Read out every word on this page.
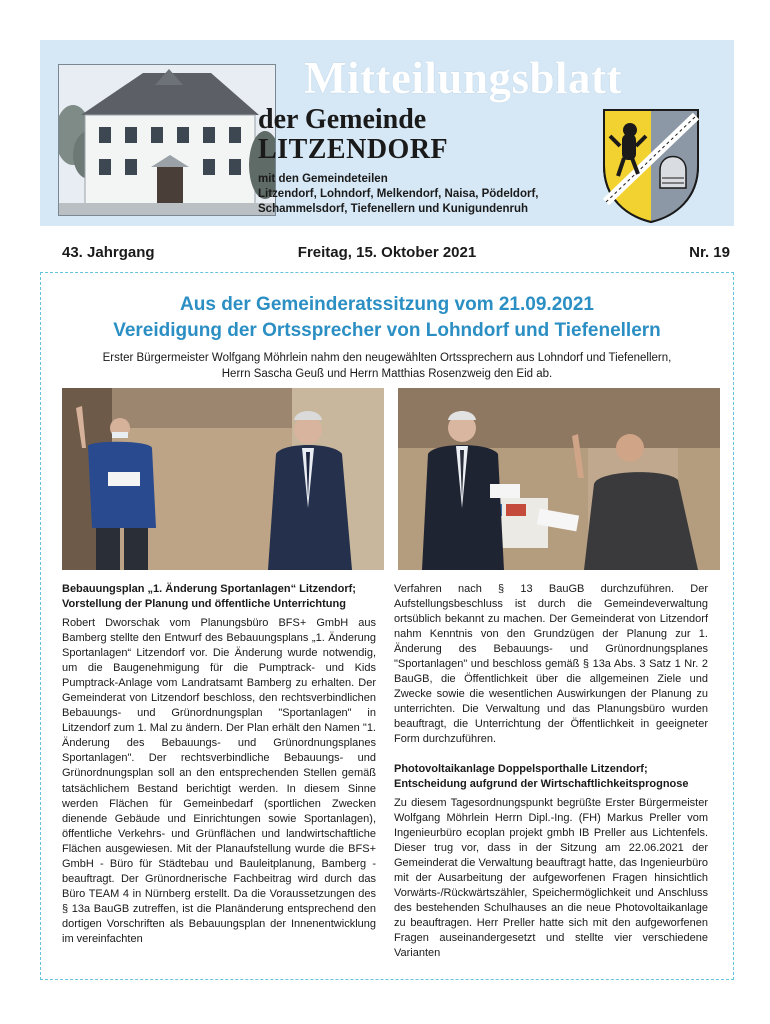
Mitteilungsblatt
der Gemeinde
LITZENDORF
mit den Gemeindeteilen
Litzendorf, Lohndorf, Melkendorf, Naisa, Pödeldorf, Schammelsdorf, Tiefenellern und Kunigundenruh
43. Jahrgang	Freitag, 15. Oktober 2021	Nr. 19
Aus der Gemeinderatssitzung vom 21.09.2021
Vereidigung der Ortssprecher von Lohndorf und Tiefenellern
Erster Bürgermeister Wolfgang Möhrlein nahm den neugewählten Ortssprechern aus Lohndorf und Tiefenellern, Herrn Sascha Geuß und Herrn Matthias Rosenzweig den Eid ab.
Bebauungsplan „1. Änderung Sportanlagen“ Litzendorf; Vorstellung der Planung und öffentliche Unterrichtung

Robert Dworschak vom Planungsbüro BFS+ GmbH aus Bamberg stellte den Entwurf des Bebauungsplans „1. Änderung Sportanlagen“ Litzendorf vor. Die Änderung wurde notwendig, um die Baugenehmigung für die Pumptrack- und Kids Pumptrack-Anlage vom Landratsamt Bamberg zu erhalten. Der Gemeinderat von Litzendorf beschloss, den rechtsverbindlichen Bebauungs- und Grünordnungsplan "Sportanlagen" in Litzendorf zum 1. Mal zu ändern. Der Plan erhält den Namen "1. Änderung des Bebauungs- und Grünordnungsplanes Sportanlagen". Der rechtsverbindliche Bebauungs- und Grünordnungsplan soll an den entsprechenden Stellen gemäß tatsächlichem Bestand berichtigt werden. In diesem Sinne werden Flächen für Gemeinbedarf (sportlichen Zwecken dienende Gebäude und Einrichtungen sowie Sportanlagen), öffentliche Verkehrs- und Grünflächen und landwirtschaftliche Flächen ausgewiesen. Mit der Planaufstellung wurde die BFS+ GmbH - Büro für Städtebau und Bauleitplanung, Bamberg - beauftragt. Der Grünordnerische Fachbeitrag wird durch das Büro TEAM 4 in Nürnberg erstellt. Da die Voraussetzungen des § 13a BauGB zutreffen, ist die Planänderung entsprechend den dortigen Vorschriften als Bebauungsplan der Innenentwicklung im vereinfachten

Verfahren nach § 13 BauGB durchzuführen. Der Aufstellungsbeschluss ist durch die Gemeindeverwaltung ortsüblich bekannt zu machen. Der Gemeinderat von Litzendorf nahm Kenntnis von den Grundzügen der Planung zur 1. Änderung des Bebauungs- und Grünordnungsplanes "Sportanlagen" und beschloss gemäß § 13a Abs. 3 Satz 1 Nr. 2 BauGB, die Öffentlichkeit über die allgemeinen Ziele und Zwecke sowie die wesentlichen Auswirkungen der Planung zu unterrichten. Die Verwaltung und das Planungsbüro wurden beauftragt, die Unterrichtung der Öffentlichkeit in geeigneter Form durchzuführen.

Photovoltaikanlage Doppelsporthalle Litzendorf; Entscheidung aufgrund der Wirtschaftlichkeitsprognose

Zu diesem Tagesordnungspunkt begrüßte Erster Bürgermeister Wolfgang Möhrlein Herrn Dipl.-Ing. (FH) Markus Preller vom Ingenieurbüro ecoplan projekt gmbh IB Preller aus Lichtenfels. Dieser trug vor, dass in der Sitzung am 22.06.2021 der Gemeinderat die Verwaltung beauftragt hatte, das Ingenieurbüro mit der Ausarbeitung der aufgeworfenen Fragen hinsichtlich Vorwärts-/Rückwärtszähler, Speichermöglichkeit und Anschluss des bestehenden Schulhauses an die neue Photovoltaikanlage zu beauftragen. Herr Preller hatte sich mit den aufgeworfenen Fragen auseinandergesetzt und stellte vier verschiedene Varianten
